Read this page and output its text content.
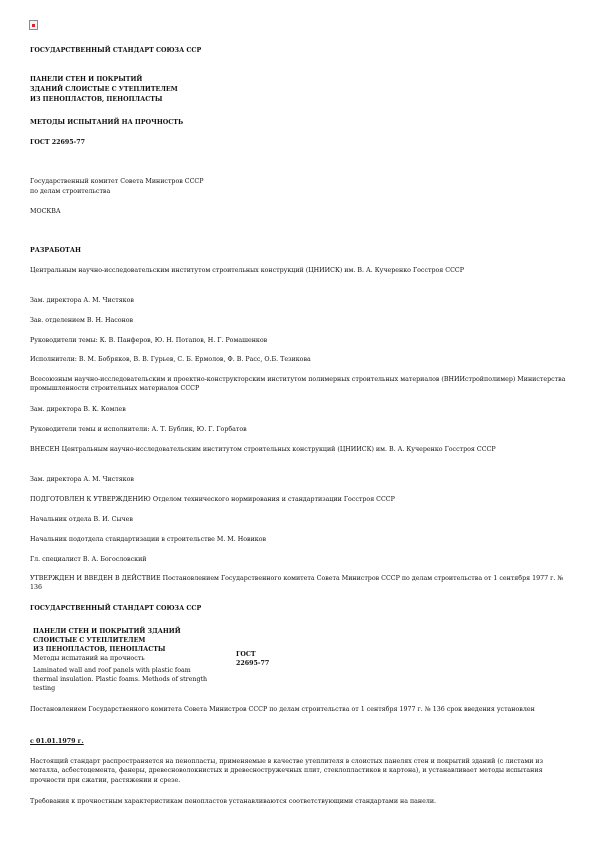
ГОСУДАРСТВЕННЫЙ СТАНДАРТ СОЮЗА ССР
ПАНЕЛИ СТЕН И ПОКРЫТИЙ
ЗДАНИЙ СЛОИСТЫЕ С УТЕПЛИТЕЛЕМ
ИЗ ПЕНОПЛАСТОВ, ПЕНОПЛАСТЫ
МЕТОДЫ ИСПЫТАНИЙ НА ПРОЧНОСТЬ
ГОСТ 22695-77
Государственный комитет Совета Министров СССР
по делам строительства
МОСКВА
РАЗРАБОТАН
Центральным научно-исследовательским институтом строительных конструкций (ЦНИИСК) им. В. А. Кучеренко Госстроя СССР
Зам. директора А. М. Чистяков
Зав. отделением В. Н. Насонов
Руководители темы: К. В. Панферов, Ю. Н. Потапов, Н. Г. Ромашенков
Исполнители: В. М. Бобряков, В. В. Гурьев, С. Б. Ермолов, Ф. В. Расс, О.Б. Тезикова
Всесоюзным научно-исследовательским и проектно-конструкторским институтом полимерных строительных материалов (ВНИИстройполимер) Министерства промышленности строительных материалов СССР
Зам. директора В. К. Комлев
Руководители темы и исполнители: А. Т. Бублик, Ю. Г. Горбатов
ВНЕСЕН Центральным научно-исследовательским институтом строительных конструкций (ЦНИИСК) им. В. А. Кучеренко Госстроя СССР
Зам. директора А. М. Чистяков
ПОДГОТОВЛЕН К УТВЕРЖДЕНИЮ Отделом технического нормирования и стандартизации Госстроя СССР
Начальник отдела В. И. Сычев
Начальник подотдела стандартизации в строительстве М. М. Новиков
Гл. специалист В. А. Богословский
УТВЕРЖДЕН И ВВЕДЕН В ДЕЙСТВИЕ Постановлением Государственного комитета Совета Министров СССР по делам строительства от 1 сентября 1977 г. № 136
ГОСУДАРСТВЕННЫЙ СТАНДАРТ СОЮЗА ССР
ПАНЕЛИ СТЕН И ПОКРЫТИЙ ЗДАНИЙ
СЛОИСТЫЕ С УТЕПЛИТЕЛЕМ
ИЗ ПЕНОПЛАСТОВ, ПЕНОПЛАСТЫ
Методы испытаний на прочность
Laminated wall and roof panels with plastic foam
thermal insulation. Plastic foams. Methods of strength
testing
ГОСТ
22695-77
Постановлением Государственного комитета Совета Министров СССР по делам строительства от 1 сентября 1977 г. № 136 срок введения установлен
с 01.01.1979 г.
Настоящий стандарт распространяется на пенопласты, применяемые в качестве утеплителя в слоистых панелях стен и покрытий зданий (с листами из металла, асбестоцемента, фанеры, древесноволокнистых и древесностружечных плит, стеклопластиков и картона), и устанавливает методы испытания прочности при сжатии, растяжении и срезе.
Требования к прочностным характеристикам пенопластов устанавливаются соответствующими стандартами на панели.
